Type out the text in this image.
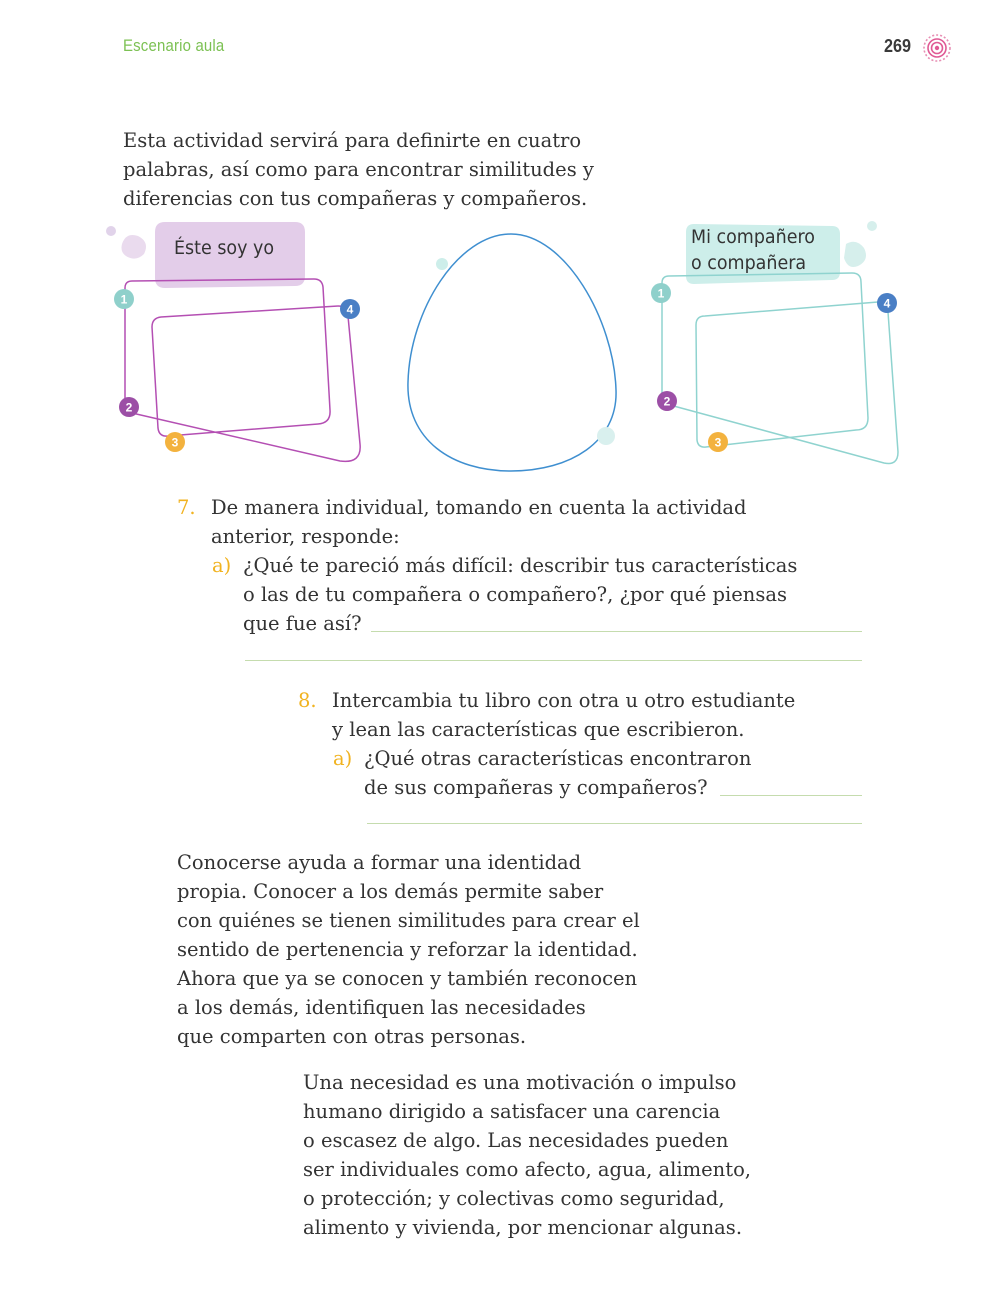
Escenario aula	269
Esta actividad servirá para definirte en cuatro
palabras, así como para encontrar similitudes y
diferencias con tus compañeras y compañeros.
1
4
2
3
1
4
2
3
Éste soy yo	Mi compañero
o compañera
7. De manera individual, tomando en cuenta la actividad
anterior, responde:
a) ¿Qué te pareció más difícil: describir tus características
o las de tu compañera o compañero?, ¿por qué piensas
que fue así?
8. Intercambia tu libro con otra u otro estudiante
y lean las características que escribieron.
a) ¿Qué otras características encontraron
de sus compañeras y compañeros?
Conocerse ayuda a formar una identidad
propia. Conocer a los demás permite saber
con quiénes se tienen similitudes para crear el
sentido de pertenencia y reforzar la identidad.
Ahora que ya se conocen y también reconocen
a los demás, identifiquen las necesidades
que comparten con otras personas.
Una necesidad es una motivación o impulso
humano dirigido a satisfacer una carencia
o escasez de algo. Las necesidades pueden
ser individuales como afecto, agua, alimento,
o protección; y colectivas como seguridad,
alimento y vivienda, por mencionar algunas.
